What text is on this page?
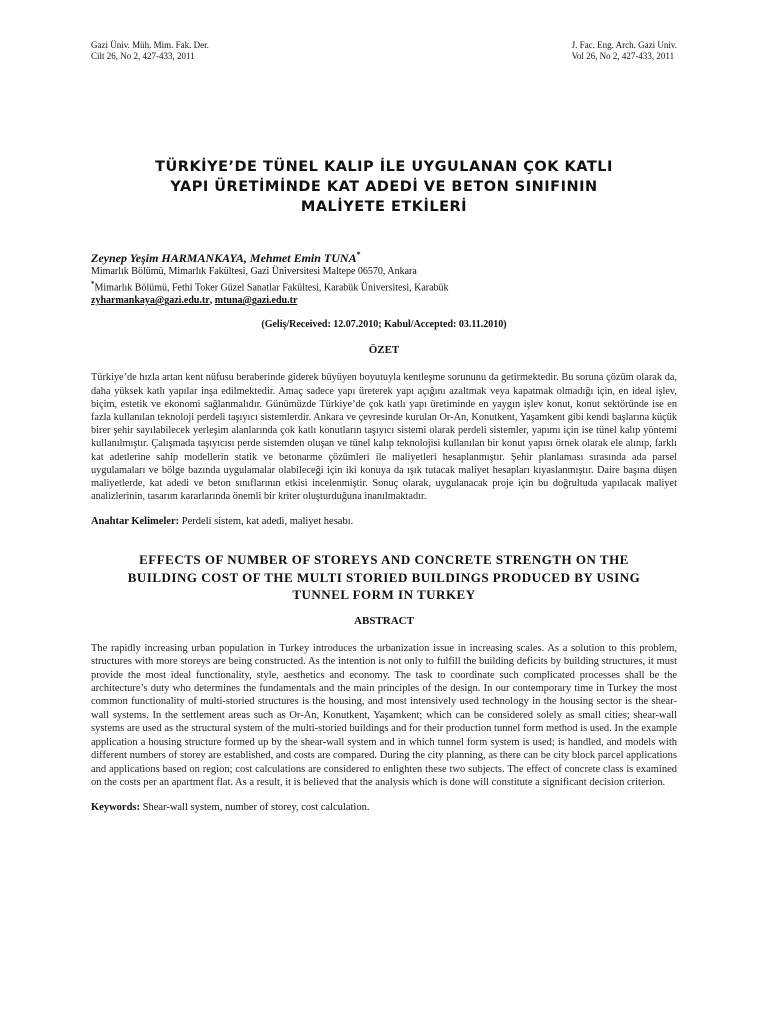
Gazi Üniv. Müh. Mim. Fak. Der.
Cilt 26, No 2, 427-433, 2011
J. Fac. Eng. Arch. Gazi Univ.
Vol 26, No 2, 427-433, 2011
TÜRKİYE’DE TÜNEL KALIP İLE UYGULANAN ÇOK KATLI
YAPI ÜRETİMİNDE KAT ADEDİ VE BETON SINIFININ
MALİYETE ETKİLERİ
Zeynep Yeşim HARMANKAYA, Mehmet Emin TUNA*
Mimarlık Bölümü, Mimarlık Fakültesi, Gazi Üniversitesi Maltepe 06570, Ankara
*Mimarlık Bölümü, Fethi Toker Güzel Sanatlar Fakültesi, Karabük Üniversitesi, Karabük
zyharmankaya@gazi.edu.tr, mtuna@gazi.edu.tr
(Geliş/Received: 12.07.2010; Kabul/Accepted: 03.11.2010)
ÖZET
Türkiye’de hızla artan kent nüfusu beraberinde giderek büyüyen boyutuyla kentleşme sorununu da getirmektedir. Bu soruna çözüm olarak da, daha yüksek katlı yapılar inşa edilmektedir. Amaç sadece yapı üreterek yapı açığını azaltmak veya kapatmak olmadığı için, en ideal işlev, biçim, estetik ve ekonomi sağlanmalıdır. Günümüzde Türkiye’de çok katlı yapı üretiminde en yaygın işlev konut, konut sektöründe ise en fazla kullanılan teknoloji perdeli taşıyıcı sistemlerdir. Ankara ve çevresinde kurulan Or-An, Konutkent, Yaşamkent gibi kendi başlarına küçük birer şehir sayılabilecek yerleşim alanlarında çok katlı konutların taşıyıcı sistemi olarak perdeli sistemler, yapımı için ise tünel kalıp yöntemi kullanılmıştır. Çalışmada taşıyıcısı perde sistemden oluşan ve tünel kalıp teknolojisi kullanılan bir konut yapısı örnek olarak ele alınıp, farklı kat adetlerine sahip modellerin statik ve betonarme çözümleri ile maliyetleri hesaplanmıştır. Şehir planlaması sırasında ada parsel uygulamaları ve bölge bazında uygulamalar olabileceği için iki konuya da ışık tutacak maliyet hesapları kıyaslanmıştır. Daire başına düşen maliyetlerde, kat adedi ve beton sınıflarının etkisi incelenmiştir. Sonuç olarak, uygulanacak proje için bu doğrultuda yapılacak maliyet analizlerinin, tasarım kararlarında önemli bir kriter oluşturduğuna inanılmaktadır.
Anahtar Kelimeler: Perdeli sistem, kat adedi, maliyet hesabı.
EFFECTS OF NUMBER OF STOREYS AND CONCRETE STRENGTH ON THE
BUILDING COST OF THE MULTI STORIED BUILDINGS PRODUCED BY USING
TUNNEL FORM IN TURKEY
ABSTRACT
The rapidly increasing urban population in Turkey introduces the urbanization issue in increasing scales. As a solution to this problem, structures with more storeys are being constructed. As the intention is not only to fulfill the building deficits by building structures, it must provide the most ideal functionality, style, aesthetics and economy. The task to coordinate such complicated processes shall be the architecture’s duty who determines the fundamentals and the main principles of the design. In our contemporary time in Turkey the most common functionality of multi-storied structures is the housing, and most intensively used technology in the housing sector is the shear-wall systems. In the settlement areas such as Or-An, Konutkent, Yaşamkent; which can be considered solely as small cities; shear-wall systems are used as the structural system of the multi-storied buildings and for their production tunnel form method is used. In the example application a housing structure formed up by the shear-wall system and in which tunnel form system is used; is handled, and models with different numbers of storey are established, and costs are compared. During the city planning, as there can be city block parcel applications and applications based on region; cost calculations are considered to enlighten these two subjects. The effect of concrete class is examined on the costs per an apartment flat. As a result, it is believed that the analysis which is done will constitute a significant decision criterion.
Keywords: Shear-wall system, number of storey, cost calculation.
